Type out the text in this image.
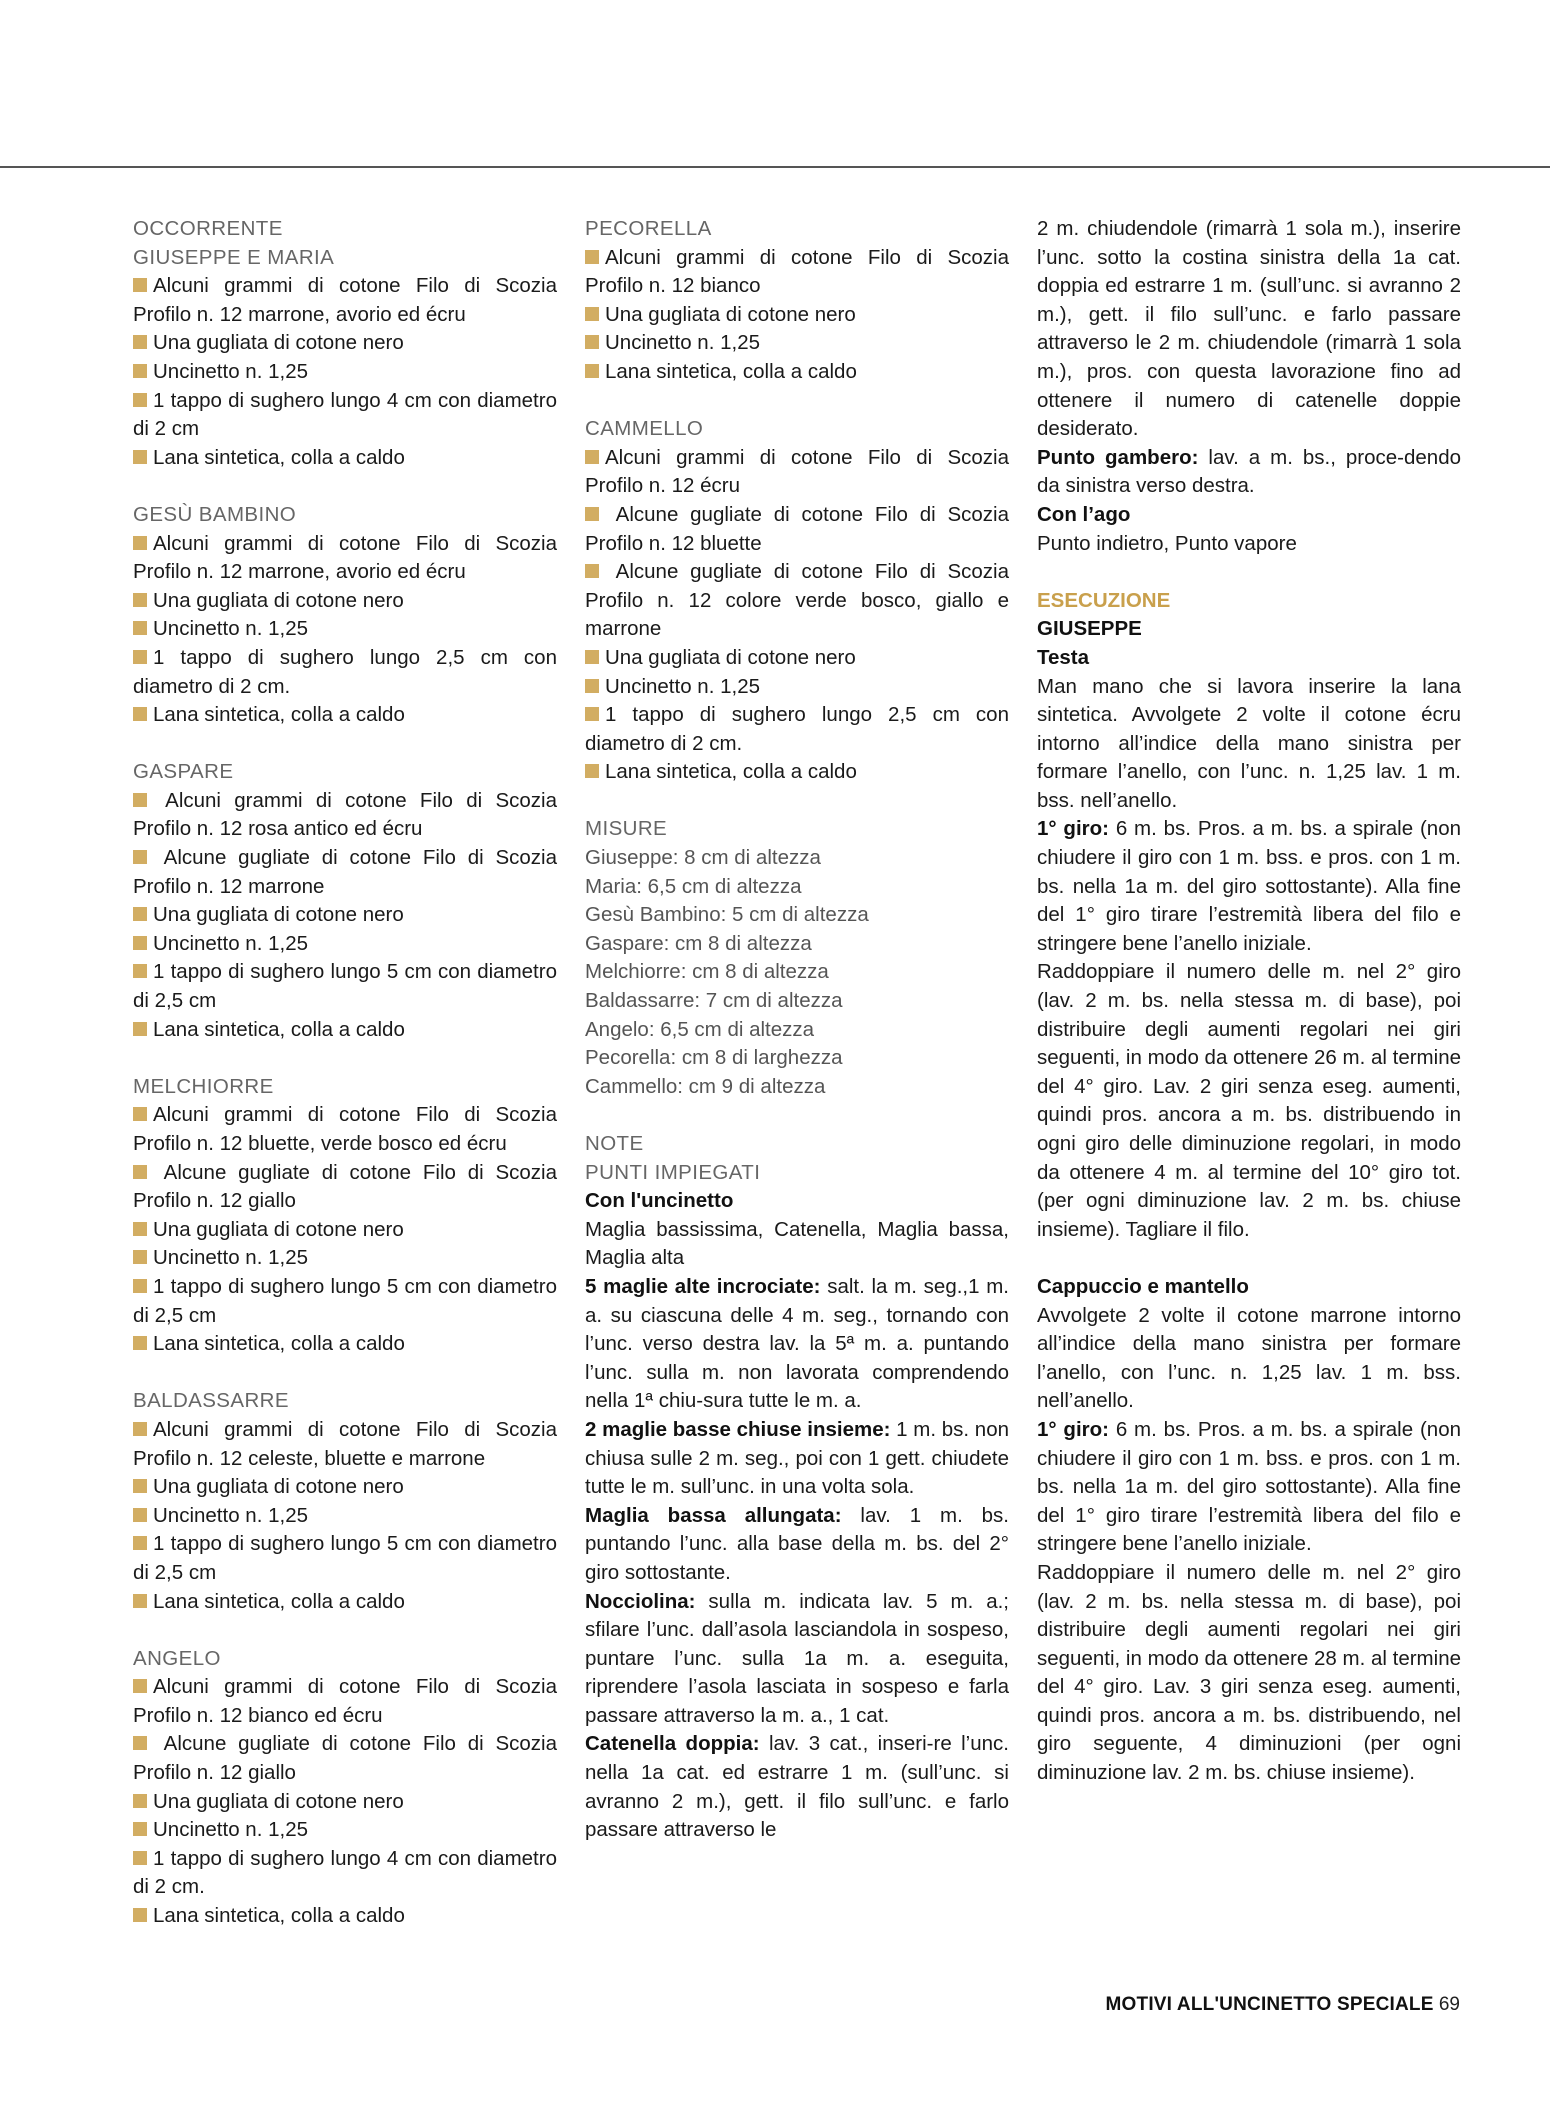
OCCORRENTE

GIUSEPPE E MARIA

Alcuni grammi di cotone Filo di Scozia Profilo n. 12 marrone, avorio ed écru

Una gugliata di cotone nero

Uncinetto n. 1,25

1 tappo di sughero lungo 4 cm con diametro di 2 cm

Lana sintetica, colla a caldo

GESÙ BAMBINO

Alcuni grammi di cotone Filo di Scozia Profilo n. 12 marrone, avorio ed écru

Una gugliata di cotone nero

Uncinetto n. 1,25

1 tappo di sughero lungo 2,5 cm con diametro di 2 cm.

Lana sintetica, colla a caldo

GASPARE

Alcuni grammi di cotone Filo di Scozia Profilo n. 12 rosa antico ed écru

Alcune gugliate di cotone Filo di Scozia Profilo n. 12 marrone

Una gugliata di cotone nero

Uncinetto n. 1,25

1 tappo di sughero lungo 5 cm con diametro di 2,5 cm

Lana sintetica, colla a caldo

MELCHIORRE

Alcuni grammi di cotone Filo di Scozia Profilo n. 12 bluette, verde bosco ed écru

Alcune gugliate di cotone Filo di Scozia Profilo n. 12 giallo

Una gugliata di cotone nero

Uncinetto n. 1,25

1 tappo di sughero lungo 5 cm con diametro di 2,5 cm

Lana sintetica, colla a caldo

BALDASSARRE

Alcuni grammi di cotone Filo di Scozia Profilo n. 12 celeste, bluette e marrone

Una gugliata di cotone nero

Uncinetto n. 1,25

1 tappo di sughero lungo 5 cm con diametro di 2,5 cm

Lana sintetica, colla a caldo

ANGELO

Alcuni grammi di cotone Filo di Scozia Profilo n. 12 bianco ed écru

Alcune gugliate di cotone Filo di Scozia Profilo n. 12 giallo

Una gugliata di cotone nero

Uncinetto n. 1,25

1 tappo di sughero lungo 4 cm con diametro di 2 cm.

Lana sintetica, colla a caldo

PECORELLA

Alcuni grammi di cotone Filo di Scozia Profilo n. 12 bianco

Una gugliata di cotone nero

Uncinetto n. 1,25

Lana sintetica, colla a caldo

CAMMELLO

Alcuni grammi di cotone Filo di Scozia Profilo n. 12 écru

Alcune gugliate di cotone Filo di Scozia Profilo n. 12 bluette

Alcune gugliate di cotone Filo di Scozia Profilo n. 12 colore verde bosco, giallo e marrone

Una gugliata di cotone nero

Uncinetto n. 1,25

1 tappo di sughero lungo 2,5 cm con diametro di 2 cm.

Lana sintetica, colla a caldo

MISURE

Giuseppe: 8 cm di altezza

Maria: 6,5 cm di altezza

Gesù Bambino: 5 cm di altezza

Gaspare: cm 8 di altezza

Melchiorre: cm 8 di altezza

Baldassarre: 7 cm di altezza

Angelo: 6,5 cm di altezza

Pecorella: cm 8 di larghezza

Cammello: cm 9 di altezza

NOTE

PUNTI IMPIEGATI

Con l'uncinetto

Maglia bassissima, Catenella, Maglia bassa, Maglia alta

5 maglie alte incrociate: salt. la m. seg.,1 m. a. su ciascuna delle 4 m. seg., tornando con l’unc. verso destra lav. la 5ª m. a. puntando l’unc. sulla m. non lavorata comprendendo nella 1ª chiu-sura tutte le m. a.

2 maglie basse chiuse insieme: 1 m. bs. non chiusa sulle 2 m. seg., poi con 1 gett. chiudete tutte le m. sull’unc. in una volta sola.

Maglia bassa allungata: lav. 1 m. bs. puntando l’unc. alla base della m. bs. del 2° giro sottostante.

Nocciolina: sulla m. indicata lav. 5 m. a.; sfilare l’unc. dall’asola lasciandola in sospeso, puntare l’unc. sulla 1a m. a. eseguita, riprendere l’asola lasciata in sospeso e farla passare attraverso la m. a., 1 cat.

Catenella doppia: lav. 3 cat., inseri-re l’unc. nella 1a cat. ed estrarre 1 m. (sull’unc. si avranno 2 m.), gett. il filo sull’unc. e farlo passare attraverso le

2 m. chiudendole (rimarrà 1 sola m.), inserire l’unc. sotto la costina sinistra della 1a cat. doppia ed estrarre 1 m. (sull’unc. si avranno 2 m.), gett. il filo sull’unc. e farlo passare attraverso le 2 m. chiudendole (rimarrà 1 sola m.), pros. con questa lavorazione fino ad ottenere il numero di catenelle doppie desiderato.

Punto gambero: lav. a m. bs., proce-dendo da sinistra verso destra.

Con l’ago

Punto indietro, Punto vapore

ESECUZIONE

GIUSEPPE

Testa

Man mano che si lavora inserire la lana sintetica. Avvolgete 2 volte il cotone écru intorno all’indice della mano sinistra per formare l’anello, con l’unc. n. 1,25 lav. 1 m. bss. nell’anello.

1° giro: 6 m. bs. Pros. a m. bs. a spirale (non chiudere il giro con 1 m. bss. e pros. con 1 m. bs. nella 1a m. del giro sottostante). Alla fine del 1° giro tirare l’estremità libera del filo e stringere bene l’anello iniziale.

Raddoppiare il numero delle m. nel 2° giro (lav. 2 m. bs. nella stessa m. di base), poi distribuire degli aumenti regolari nei giri seguenti, in modo da ottenere 26 m. al termine del 4° giro. Lav. 2 giri senza eseg. aumenti, quindi pros. ancora a m. bs. distribuendo in ogni giro delle diminuzione regolari, in modo da ottenere 4 m. al termine del 10° giro tot. (per ogni diminuzione lav. 2 m. bs. chiuse insieme). Tagliare il filo.

Cappuccio e mantello

Avvolgete 2 volte il cotone marrone intorno all’indice della mano sinistra per formare l’anello, con l’unc. n. 1,25 lav. 1 m. bss. nell’anello.

1° giro: 6 m. bs. Pros. a m. bs. a spirale (non chiudere il giro con 1 m. bss. e pros. con 1 m. bs. nella 1a m. del giro sottostante). Alla fine del 1° giro tirare l’estremità libera del filo e stringere bene l’anello iniziale.

Raddoppiare il numero delle m. nel 2° giro (lav. 2 m. bs. nella stessa m. di base), poi distribuire degli aumenti regolari nei giri seguenti, in modo da ottenere 28 m. al termine del 4° giro. Lav. 3 giri senza eseg. aumenti, quindi pros. ancora a m. bs. distribuendo, nel giro seguente, 4 diminuzioni (per ogni diminuzione lav. 2 m. bs. chiuse insieme).

MOTIVI ALL'UNCINETTO SPECIALE 69
